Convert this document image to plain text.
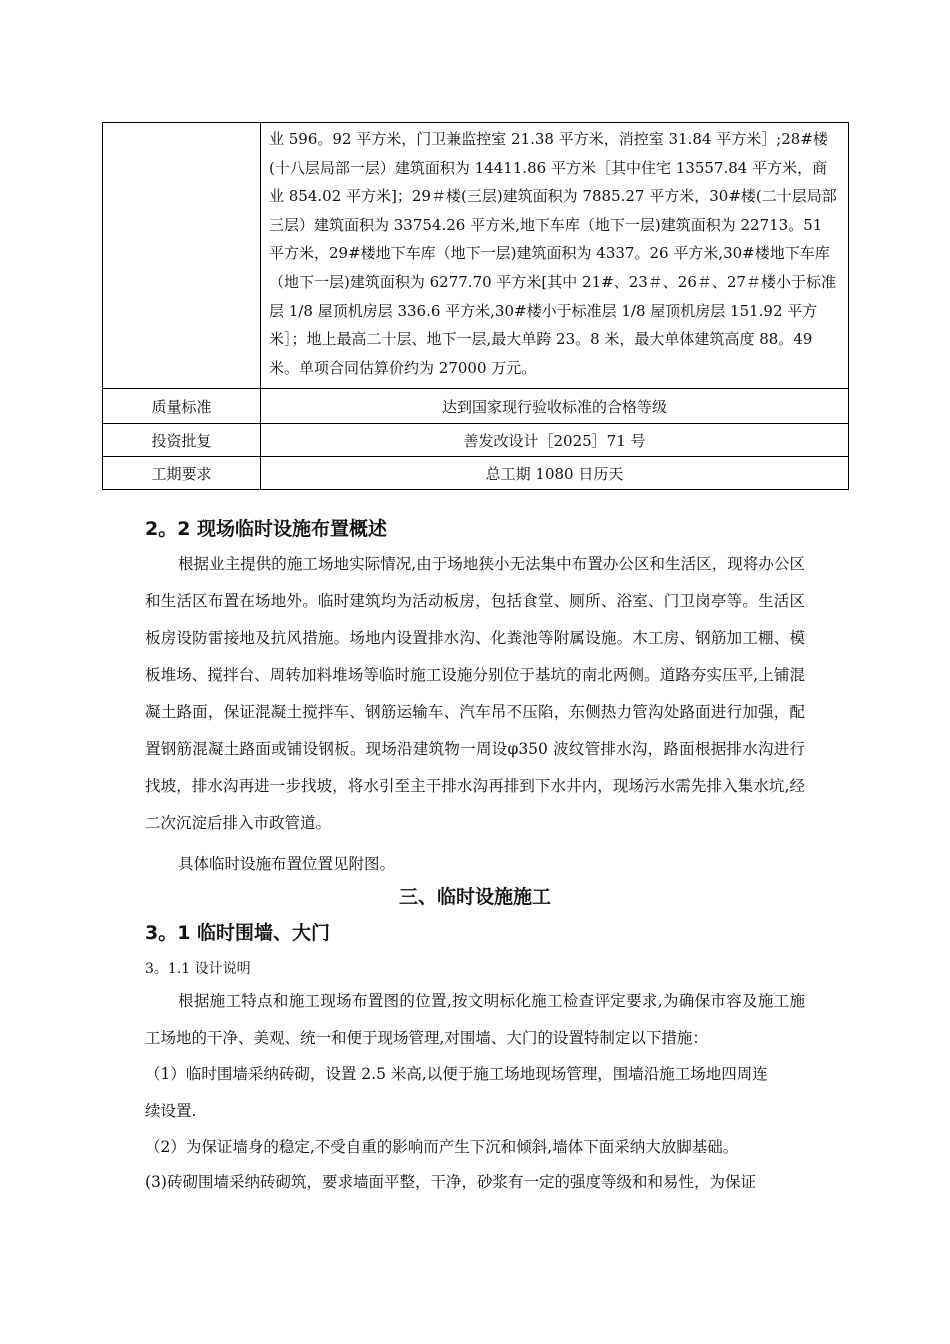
	业 596。92 平方米，门卫兼监控室 21.38 平方米，消控室 31.84 平方米］;28#楼(十八层局部一层）建筑面积为 14411.86 平方米［其中住宅 13557.84 平方米，商业 854.02 平方米]；29＃楼(三层)建筑面积为 7885.27 平方米，30#楼(二十层局部三层）建筑面积为 33754.26 平方米,地下车库（地下一层)建筑面积为 22713。51 平方米，29#楼地下车库（地下一层)建筑面积为 4337。26 平方米,30#楼地下车库（地下一层)建筑面积为 6277.70 平方米[其中 21#、23＃、26＃、27＃楼小于标准层 1/8 屋顶机房层 336.6 平方米,30#楼小于标准层 1/8 屋顶机房层 151.92 平方米］；地上最高二十层、地下一层,最大单跨 23。8 米，最大单体建筑高度 88。49 米。单项合同估算价约为 27000 万元。
质量标准	达到国家现行验收标准的合格等级
投资批复	善发改设计［2025］71 号
工期要求	总工期 1080 日历天
2。2 现场临时设施布置概述
根据业主提供的施工场地实际情况,由于场地狭小无法集中布置办公区和生活区，现将办公区和生活区布置在场地外。临时建筑均为活动板房，包括食堂、厕所、浴室、门卫岗亭等。生活区板房设防雷接地及抗风措施。场地内设置排水沟、化粪池等附属设施。木工房、钢筋加工棚、模板堆场、搅拌台、周转加料堆场等临时施工设施分别位于基坑的南北两侧。道路夯实压平,上铺混凝土路面，保证混凝土搅拌车、钢筋运输车、汽车吊不压陷，东侧热力管沟处路面进行加强，配置钢筋混凝土路面或铺设钢板。现场沿建筑物一周设φ350 波纹管排水沟，路面根据排水沟进行找坡，排水沟再进一步找坡，将水引至主干排水沟再排到下水井内，现场污水需先排入集水坑,经二次沉淀后排入市政管道。
具体临时设施布置位置见附图。
三、临时设施施工
3。1 临时围墙、大门
3。1.1 设计说明
根据施工特点和施工现场布置图的位置,按文明标化施工检查评定要求,为确保市容及施工施工场地的干净、美观、统一和便于现场管理,对围墙、大门的设置特制定以下措施：
（1）临时围墙采纳砖砌，设置 2.5 米高,以便于施工场地现场管理，围墙沿施工场地四周连
续设置.
（2）为保证墙身的稳定,不受自重的影响而产生下沉和倾斜,墙体下面采纳大放脚基础。
(3)砖砌围墙采纳砖砌筑，要求墙面平整，干净，砂浆有一定的强度等级和和易性，为保证
